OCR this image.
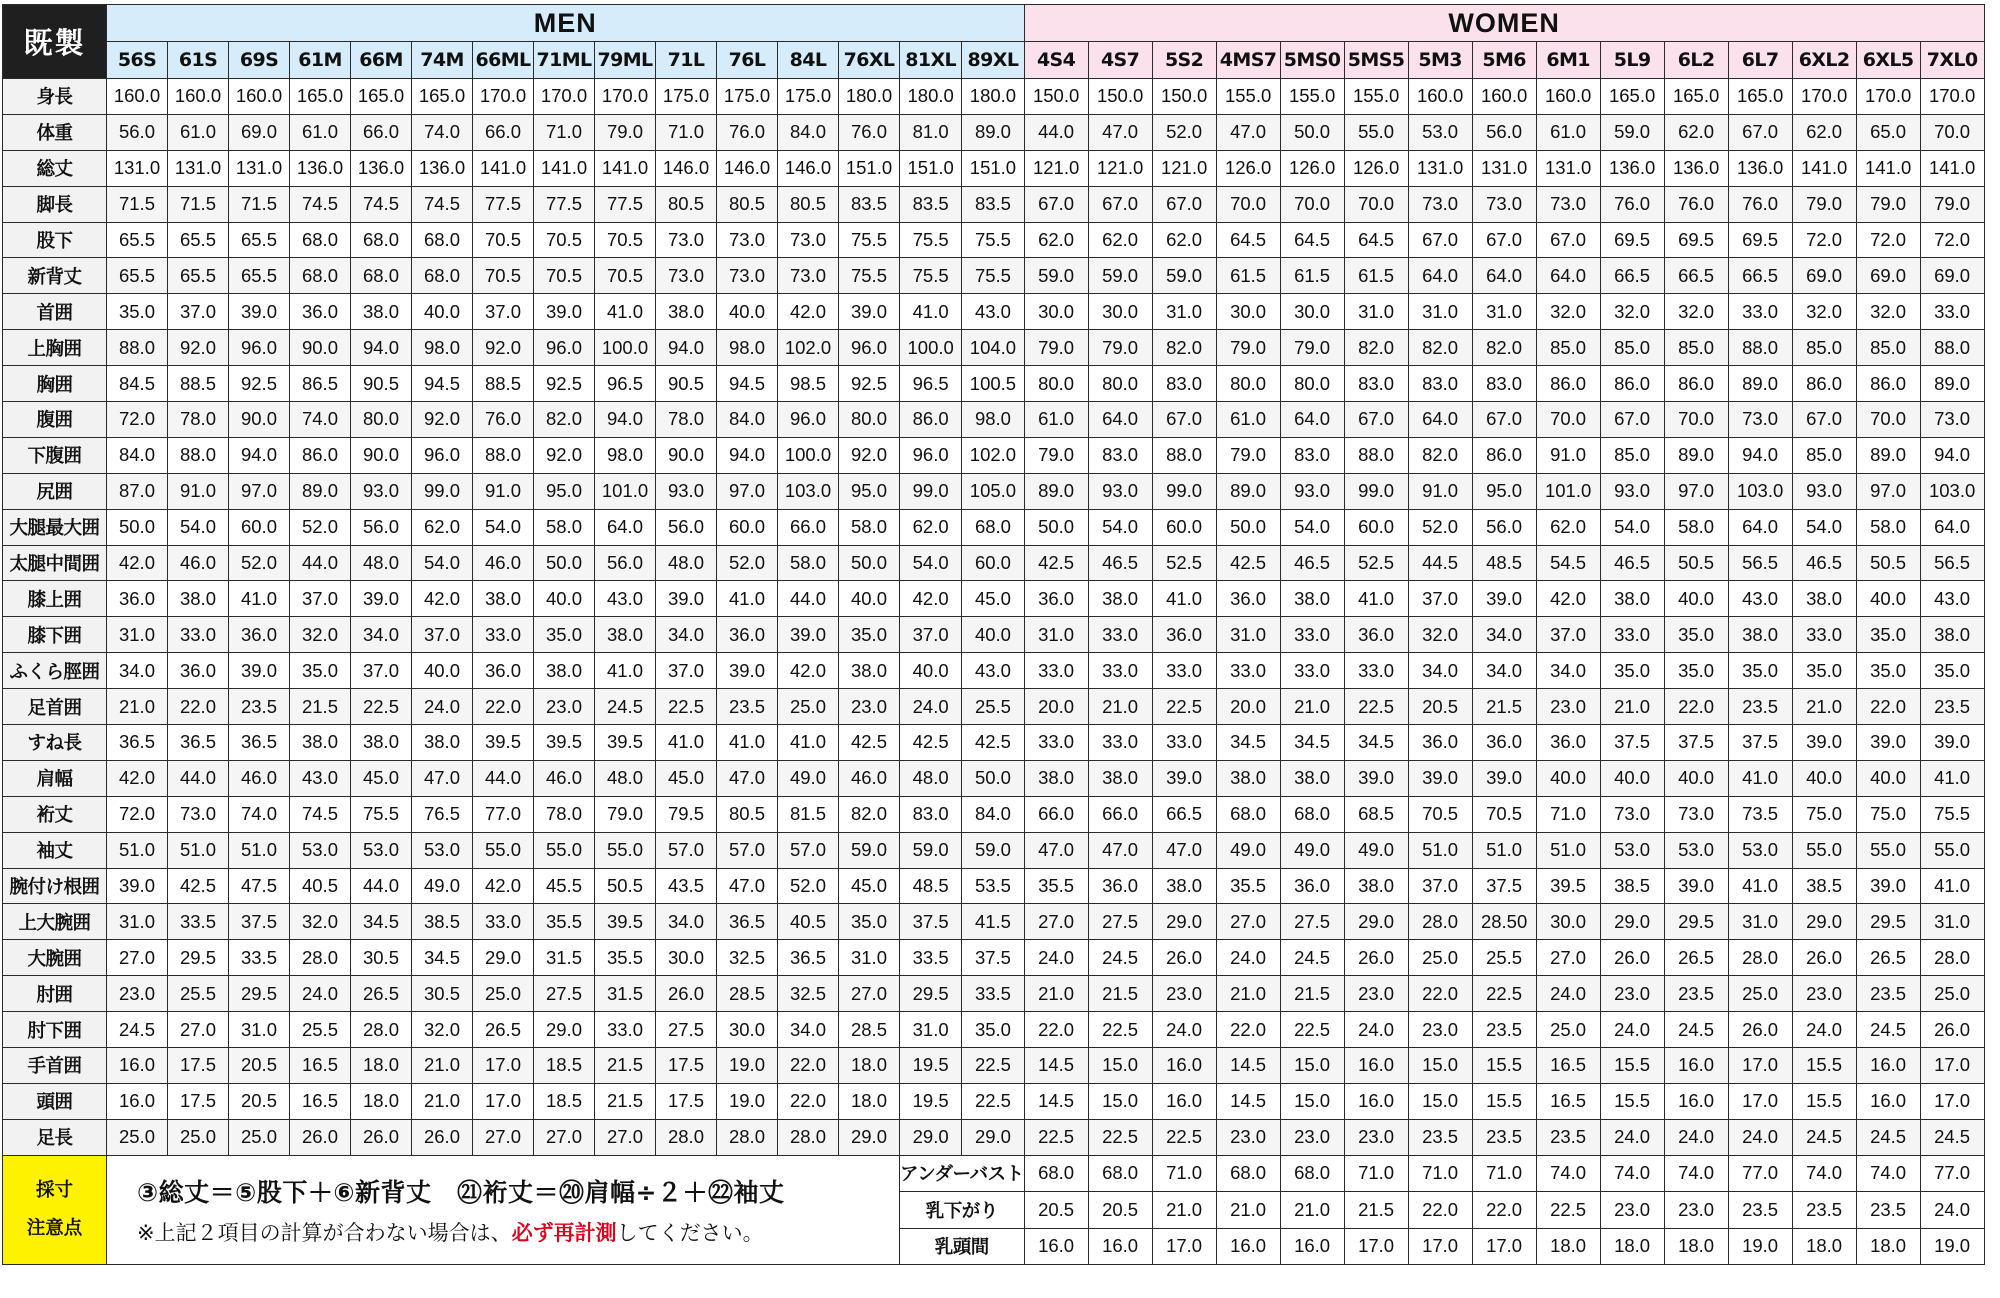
既製	MEN															WOMEN														
	56S	61S	69S	61M	66M	74M	66ML	71ML	79ML	71L	76L	84L	76XL	81XL	89XL	4S4	4S7	5S2	4MS7	5MS0	5MS5	5M3	5M6	6M1	5L9	6L2	6L7	6XL2	6XL5	7XL0
身長	160.0	160.0	160.0	165.0	165.0	165.0	170.0	170.0	170.0	175.0	175.0	175.0	180.0	180.0	180.0	150.0	150.0	150.0	155.0	155.0	155.0	160.0	160.0	160.0	165.0	165.0	165.0	170.0	170.0	170.0
体重	56.0	61.0	69.0	61.0	66.0	74.0	66.0	71.0	79.0	71.0	76.0	84.0	76.0	81.0	89.0	44.0	47.0	52.0	47.0	50.0	55.0	53.0	56.0	61.0	59.0	62.0	67.0	62.0	65.0	70.0
総丈	131.0	131.0	131.0	136.0	136.0	136.0	141.0	141.0	141.0	146.0	146.0	146.0	151.0	151.0	151.0	121.0	121.0	121.0	126.0	126.0	126.0	131.0	131.0	131.0	136.0	136.0	136.0	141.0	141.0	141.0
脚長	71.5	71.5	71.5	74.5	74.5	74.5	77.5	77.5	77.5	80.5	80.5	80.5	83.5	83.5	83.5	67.0	67.0	67.0	70.0	70.0	70.0	73.0	73.0	73.0	76.0	76.0	76.0	79.0	79.0	79.0
股下	65.5	65.5	65.5	68.0	68.0	68.0	70.5	70.5	70.5	73.0	73.0	73.0	75.5	75.5	75.5	62.0	62.0	62.0	64.5	64.5	64.5	67.0	67.0	67.0	69.5	69.5	69.5	72.0	72.0	72.0
新背丈	65.5	65.5	65.5	68.0	68.0	68.0	70.5	70.5	70.5	73.0	73.0	73.0	75.5	75.5	75.5	59.0	59.0	59.0	61.5	61.5	61.5	64.0	64.0	64.0	66.5	66.5	66.5	69.0	69.0	69.0
首囲	35.0	37.0	39.0	36.0	38.0	40.0	37.0	39.0	41.0	38.0	40.0	42.0	39.0	41.0	43.0	30.0	30.0	31.0	30.0	30.0	31.0	31.0	31.0	32.0	32.0	32.0	33.0	32.0	32.0	33.0
上胸囲	88.0	92.0	96.0	90.0	94.0	98.0	92.0	96.0	100.0	94.0	98.0	102.0	96.0	100.0	104.0	79.0	79.0	82.0	79.0	79.0	82.0	82.0	82.0	85.0	85.0	85.0	88.0	85.0	85.0	88.0
胸囲	84.5	88.5	92.5	86.5	90.5	94.5	88.5	92.5	96.5	90.5	94.5	98.5	92.5	96.5	100.5	80.0	80.0	83.0	80.0	80.0	83.0	83.0	83.0	86.0	86.0	86.0	89.0	86.0	86.0	89.0
腹囲	72.0	78.0	90.0	74.0	80.0	92.0	76.0	82.0	94.0	78.0	84.0	96.0	80.0	86.0	98.0	61.0	64.0	67.0	61.0	64.0	67.0	64.0	67.0	70.0	67.0	70.0	73.0	67.0	70.0	73.0
下腹囲	84.0	88.0	94.0	86.0	90.0	96.0	88.0	92.0	98.0	90.0	94.0	100.0	92.0	96.0	102.0	79.0	83.0	88.0	79.0	83.0	88.0	82.0	86.0	91.0	85.0	89.0	94.0	85.0	89.0	94.0
尻囲	87.0	91.0	97.0	89.0	93.0	99.0	91.0	95.0	101.0	93.0	97.0	103.0	95.0	99.0	105.0	89.0	93.0	99.0	89.0	93.0	99.0	91.0	95.0	101.0	93.0	97.0	103.0	93.0	97.0	103.0
大腿最大囲	50.0	54.0	60.0	52.0	56.0	62.0	54.0	58.0	64.0	56.0	60.0	66.0	58.0	62.0	68.0	50.0	54.0	60.0	50.0	54.0	60.0	52.0	56.0	62.0	54.0	58.0	64.0	54.0	58.0	64.0
太腿中間囲	42.0	46.0	52.0	44.0	48.0	54.0	46.0	50.0	56.0	48.0	52.0	58.0	50.0	54.0	60.0	42.5	46.5	52.5	42.5	46.5	52.5	44.5	48.5	54.5	46.5	50.5	56.5	46.5	50.5	56.5
膝上囲	36.0	38.0	41.0	37.0	39.0	42.0	38.0	40.0	43.0	39.0	41.0	44.0	40.0	42.0	45.0	36.0	38.0	41.0	36.0	38.0	41.0	37.0	39.0	42.0	38.0	40.0	43.0	38.0	40.0	43.0
膝下囲	31.0	33.0	36.0	32.0	34.0	37.0	33.0	35.0	38.0	34.0	36.0	39.0	35.0	37.0	40.0	31.0	33.0	36.0	31.0	33.0	36.0	32.0	34.0	37.0	33.0	35.0	38.0	33.0	35.0	38.0
ふくら脛囲	34.0	36.0	39.0	35.0	37.0	40.0	36.0	38.0	41.0	37.0	39.0	42.0	38.0	40.0	43.0	33.0	33.0	33.0	33.0	33.0	33.0	34.0	34.0	34.0	35.0	35.0	35.0	35.0	35.0	35.0
足首囲	21.0	22.0	23.5	21.5	22.5	24.0	22.0	23.0	24.5	22.5	23.5	25.0	23.0	24.0	25.5	20.0	21.0	22.5	20.0	21.0	22.5	20.5	21.5	23.0	21.0	22.0	23.5	21.0	22.0	23.5
すね長	36.5	36.5	36.5	38.0	38.0	38.0	39.5	39.5	39.5	41.0	41.0	41.0	42.5	42.5	42.5	33.0	33.0	33.0	34.5	34.5	34.5	36.0	36.0	36.0	37.5	37.5	37.5	39.0	39.0	39.0
肩幅	42.0	44.0	46.0	43.0	45.0	47.0	44.0	46.0	48.0	45.0	47.0	49.0	46.0	48.0	50.0	38.0	38.0	39.0	38.0	38.0	39.0	39.0	39.0	40.0	40.0	40.0	41.0	40.0	40.0	41.0
裄丈	72.0	73.0	74.0	74.5	75.5	76.5	77.0	78.0	79.0	79.5	80.5	81.5	82.0	83.0	84.0	66.0	66.0	66.5	68.0	68.0	68.5	70.5	70.5	71.0	73.0	73.0	73.5	75.0	75.0	75.5
袖丈	51.0	51.0	51.0	53.0	53.0	53.0	55.0	55.0	55.0	57.0	57.0	57.0	59.0	59.0	59.0	47.0	47.0	47.0	49.0	49.0	49.0	51.0	51.0	51.0	53.0	53.0	53.0	55.0	55.0	55.0
腕付け根囲	39.0	42.5	47.5	40.5	44.0	49.0	42.0	45.5	50.5	43.5	47.0	52.0	45.0	48.5	53.5	35.5	36.0	38.0	35.5	36.0	38.0	37.0	37.5	39.5	38.5	39.0	41.0	38.5	39.0	41.0
上大腕囲	31.0	33.5	37.5	32.0	34.5	38.5	33.0	35.5	39.5	34.0	36.5	40.5	35.0	37.5	41.5	27.0	27.5	29.0	27.0	27.5	29.0	28.0	28.50	30.0	29.0	29.5	31.0	29.0	29.5	31.0
大腕囲	27.0	29.5	33.5	28.0	30.5	34.5	29.0	31.5	35.5	30.0	32.5	36.5	31.0	33.5	37.5	24.0	24.5	26.0	24.0	24.5	26.0	25.0	25.5	27.0	26.0	26.5	28.0	26.0	26.5	28.0
肘囲	23.0	25.5	29.5	24.0	26.5	30.5	25.0	27.5	31.5	26.0	28.5	32.5	27.0	29.5	33.5	21.0	21.5	23.0	21.0	21.5	23.0	22.0	22.5	24.0	23.0	23.5	25.0	23.0	23.5	25.0
肘下囲	24.5	27.0	31.0	25.5	28.0	32.0	26.5	29.0	33.0	27.5	30.0	34.0	28.5	31.0	35.0	22.0	22.5	24.0	22.0	22.5	24.0	23.0	23.5	25.0	24.0	24.5	26.0	24.0	24.5	26.0
手首囲	16.0	17.5	20.5	16.5	18.0	21.0	17.0	18.5	21.5	17.5	19.0	22.0	18.0	19.5	22.5	14.5	15.0	16.0	14.5	15.0	16.0	15.0	15.5	16.5	15.5	16.0	17.0	15.5	16.0	17.0
頭囲	16.0	17.5	20.5	16.5	18.0	21.0	17.0	18.5	21.5	17.5	19.0	22.0	18.0	19.5	22.5	14.5	15.0	16.0	14.5	15.0	16.0	15.0	15.5	16.5	15.5	16.0	17.0	15.5	16.0	17.0
足長	25.0	25.0	25.0	26.0	26.0	26.0	27.0	27.0	27.0	28.0	28.0	28.0	29.0	29.0	29.0	22.5	22.5	22.5	23.0	23.0	23.0	23.5	23.5	23.5	24.0	24.0	24.0	24.5	24.5	24.5
採寸
注意点	③総丈＝⑤股下＋⑥新背丈　㉑裄丈＝⑳肩幅÷２＋㉒袖丈
※上記２項目の計算が合わない場合は、必ず再計測してください。													アンダーバスト		68.0	68.0	71.0	68.0	68.0	71.0	71.0	71.0	74.0	74.0	74.0	77.0	74.0	74.0	77.0
														乳下がり		20.5	20.5	21.0	21.0	21.0	21.5	22.0	22.0	22.5	23.0	23.0	23.5	23.5	23.5	24.0
														乳頭間		16.0	16.0	17.0	16.0	16.0	17.0	17.0	17.0	18.0	18.0	18.0	19.0	18.0	18.0	19.0
